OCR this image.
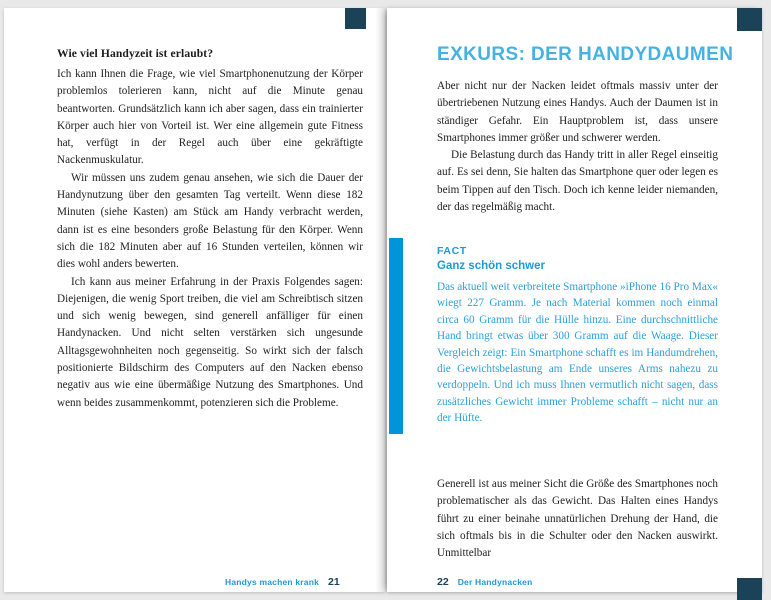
Wie viel Handyzeit ist erlaubt?

Ich kann Ihnen die Frage, wie viel Smartphonenutzung der Körper problemlos tolerieren kann, nicht auf die Minute genau beantworten. Grundsätzlich kann ich aber sagen, dass ein trainierter Körper auch hier von Vorteil ist. Wer eine allgemein gute Fitness hat, verfügt in der Regel auch über eine gekräftigte Nackenmuskulatur.

Wir müssen uns zudem genau ansehen, wie sich die Dauer der Handynutzung über den gesamten Tag verteilt. Wenn diese 182 Minuten (siehe Kasten) am Stück am Handy verbracht werden, dann ist es eine besonders große Belastung für den Körper. Wenn sich die 182 Minuten aber auf 16 Stunden verteilen, können wir dies wohl anders bewerten.

Ich kann aus meiner Erfahrung in der Praxis Folgendes sagen: Diejenigen, die wenig Sport treiben, die viel am Schreibtisch sitzen und sich wenig bewegen, sind generell anfälliger für einen Handynacken. Und nicht selten verstärken sich ungesunde Alltagsgewohnheiten noch gegenseitig. So wirkt sich der falsch positionierte Bildschirm des Computers auf den Nacken ebenso negativ aus wie eine übermäßige Nutzung des Smartphones. Und wenn beides zusammenkommt, potenzieren sich die Probleme.

Handys machen krank 21
EXKURS: DER HANDYDAUMEN

Aber nicht nur der Nacken leidet oftmals massiv unter der übertriebenen Nutzung eines Handys. Auch der Daumen ist in ständiger Gefahr. Ein Hauptproblem ist, dass unsere Smartphones immer größer und schwerer werden.

Die Belastung durch das Handy tritt in aller Regel einseitig auf. Es sei denn, Sie halten das Smartphone quer oder legen es beim Tippen auf den Tisch. Doch ich kenne leider niemanden, der das regelmäßig macht.

FACT
Ganz schön schwer

Das aktuell weit verbreitete Smartphone »iPhone 16 Pro Max« wiegt 227 Gramm. Je nach Material kommen noch einmal circa 60 Gramm für die Hülle hinzu. Eine durchschnittliche Hand bringt etwas über 300 Gramm auf die Waage. Dieser Vergleich zeigt: Ein Smartphone schafft es im Handumdrehen, die Gewichtsbelastung am Ende unseres Arms nahezu zu verdoppeln. Und ich muss Ihnen vermutlich nicht sagen, dass zusätzliches Gewicht immer Probleme schafft – nicht nur an der Hüfte.

Generell ist aus meiner Sicht die Größe des Smartphones noch problematischer als das Gewicht. Das Halten eines Handys führt zu einer beinahe unnatürlichen Drehung der Hand, die sich oftmals bis in die Schulter oder den Nacken auswirkt. Unmittelbar

22 Der Handynacken
